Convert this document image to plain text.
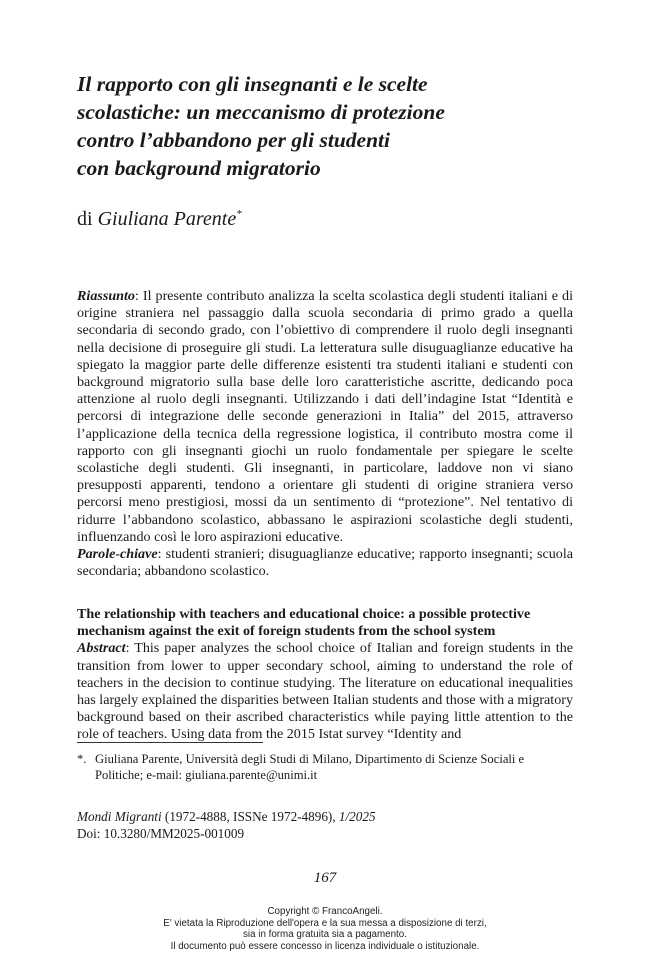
Il rapporto con gli insegnanti e le scelte
scolastiche: un meccanismo di protezione
contro l’abbandono per gli studenti
con background migratorio
di Giuliana Parente*
Riassunto: Il presente contributo analizza la scelta scolastica degli studenti italiani e di origine straniera nel passaggio dalla scuola secondaria di primo grado a quella secondaria di secondo grado, con l’obiettivo di comprendere il ruolo degli insegnanti nella decisione di proseguire gli studi. La letteratura sulle disuguaglianze educative ha spiegato la maggior parte delle differenze esistenti tra studenti italiani e studenti con background migratorio sulla base delle loro caratteristiche ascritte, dedicando poca attenzione al ruolo degli insegnanti. Utilizzando i dati dell’indagine Istat “Identità e percorsi di integrazione delle seconde generazioni in Italia” del 2015, attraverso l’applicazione della tecnica della regressione logistica, il contributo mostra come il rapporto con gli insegnanti giochi un ruolo fondamentale per spiegare le scelte scolastiche degli studenti. Gli insegnanti, in particolare, laddove non vi siano presupposti apparenti, tendono a orientare gli studenti di origine straniera verso percorsi meno prestigiosi, mossi da un sentimento di “protezione”. Nel tentativo di ridurre l’abbandono scolastico, abbassano le aspirazioni scolastiche degli studenti, influenzando così le loro aspirazioni educative.
Parole-chiave: studenti stranieri; disuguaglianze educative; rapporto insegnanti; scuola secondaria; abbandono scolastico.
The relationship with teachers and educational choice: a possible protective mechanism against the exit of foreign students from the school system
Abstract: This paper analyzes the school choice of Italian and foreign students in the transition from lower to upper secondary school, aiming to understand the role of teachers in the decision to continue studying. The literature on educational inequalities has largely explained the disparities between Italian students and those with a migratory background based on their ascribed characteristics while paying little attention to the role of teachers. Using data from the 2015 Istat survey “Identity and
*. Giuliana Parente, Università degli Studi di Milano, Dipartimento di Scienze Sociali e Politiche; e-mail: giuliana.parente@unimi.it
Mondi Migranti (1972-4888, ISSNe 1972-4896), 1/2025
Doi: 10.3280/MM2025-001009
167
Copyright © FrancoAngeli.
E' vietata la Riproduzione dell'opera e la sua messa a disposizione di terzi,
sia in forma gratuita sia a pagamento.
Il documento può essere concesso in licenza individuale o istituzionale.
